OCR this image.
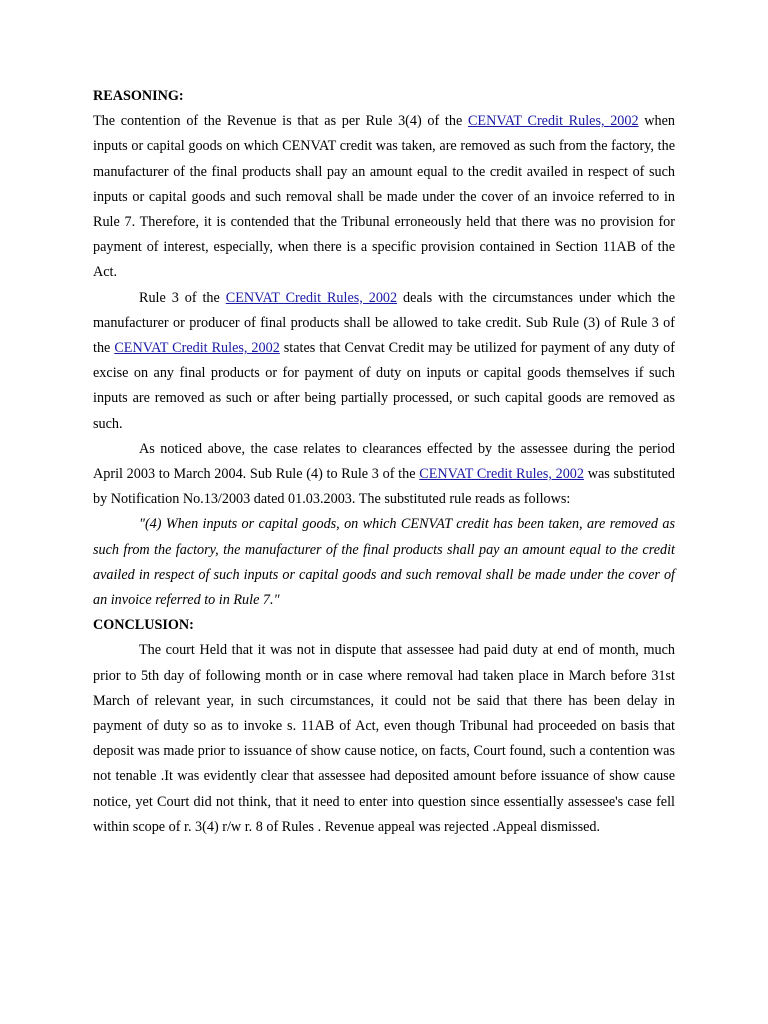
REASONING:

The contention of the Revenue is that as per Rule 3(4) of the CENVAT Credit Rules, 2002 when inputs or capital goods on which CENVAT credit was taken, are removed as such from the factory, the manufacturer of the final products shall pay an amount equal to the credit availed in respect of such inputs or capital goods and such removal shall be made under the cover of an invoice referred to in Rule 7. Therefore, it is contended that the Tribunal erroneously held that there was no provision for payment of interest, especially, when there is a specific provision contained in Section 11AB of the Act.

Rule 3 of the CENVAT Credit Rules, 2002 deals with the circumstances under which the manufacturer or producer of final products shall be allowed to take credit. Sub Rule (3) of Rule 3 of the CENVAT Credit Rules, 2002 states that Cenvat Credit may be utilized for payment of any duty of excise on any final products or for payment of duty on inputs or capital goods themselves if such inputs are removed as such or after being partially processed, or such capital goods are removed as such.

As noticed above, the case relates to clearances effected by the assessee during the period April 2003 to March 2004. Sub Rule (4) to Rule 3 of the CENVAT Credit Rules, 2002 was substituted by Notification No.13/2003 dated 01.03.2003. The substituted rule reads as follows:

"(4) When inputs or capital goods, on which CENVAT credit has been taken, are removed as such from the factory, the manufacturer of the final products shall pay an amount equal to the credit availed in respect of such inputs or capital goods and such removal shall be made under the cover of an invoice referred to in Rule 7."

CONCLUSION:

The court Held that it was not in dispute that assessee had paid duty at end of month, much prior to 5th day of following month or in case where removal had taken place in March before 31st March of relevant year, in such circumstances, it could not be said that there has been delay in payment of duty so as to invoke s. 11AB of Act, even though Tribunal had proceeded on basis that deposit was made prior to issuance of show cause notice, on facts, Court found, such a contention was not tenable .It was evidently clear that assessee had deposited amount before issuance of show cause notice, yet Court did not think, that it need to enter into question since essentially assessee's case fell within scope of r. 3(4) r/w r. 8 of Rules . Revenue appeal was rejected .Appeal dismissed.
